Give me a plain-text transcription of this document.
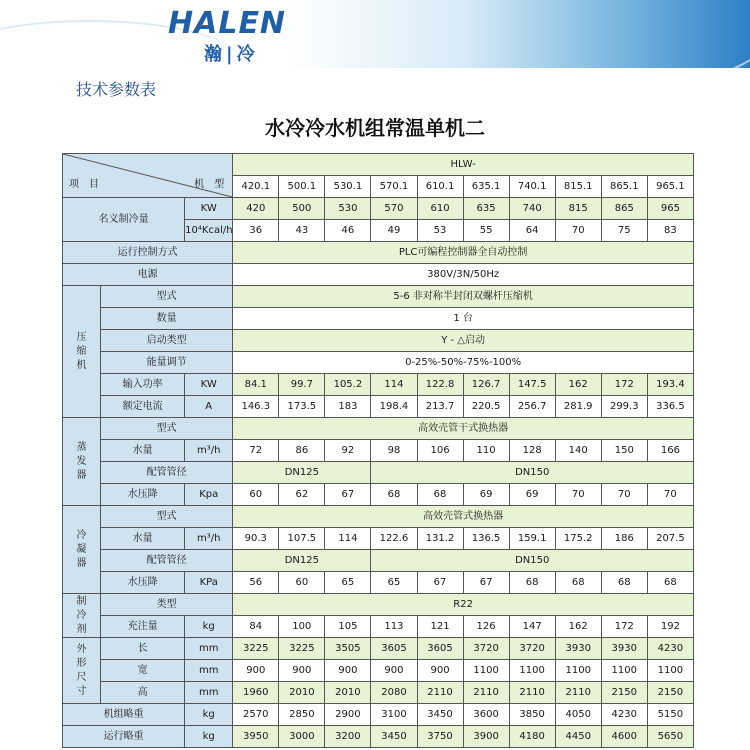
HALEN
瀚|冷
技术参数表
水冷冷水机组常温单机二
项　目 机　型			HLW-									
			420.1	500.1	530.1	570.1	610.1	635.1	740.1	815.1	865.1	965.1
名义制冷量		KW	420	500	530	570	610	635	740	815	865	965
		10⁴Kcal/h	36	43	46	49	53	55	64	70	75	83
运行控制方式			PLC可编程控制器全自动控制									
电源			380V/3N/50Hz									

压
缩
机	型式		5-6 非对称半封闭双螺杆压缩机									
	数量		1 台									
	启动类型		Y - △启动									
	能量调节		0-25%-50%-75%-100%									
	输入功率	KW	84.1	99.7	105.2	114	122.8	126.7	147.5	162	172	193.4
	额定电流	A	146.3	173.5	183	198.4	213.7	220.5	256.7	281.9	299.3	336.5

蒸
发
器	型式		高效壳管干式换热器									
	水量	m³/h	72	86	92	98	106	110	128	140	150	166
	配管管径		DN125			DN150						
	水压降	Kpa	60	62	67	68	68	69	69	70	70	70

冷
凝
器	型式		高效壳管式换热器									
	水量	m³/h	90.3	107.5	114	122.6	131.2	136.5	159.1	175.2	186	207.5
	配管管径		DN125			DN150						
	水压降	KPa	56	60	65	65	67	67	68	68	68	68

制
冷
剂	类型		R22									
	充注量	kg	84	100	105	113	121	126	147	162	172	192

外
形
尺
寸	长	mm	3225	3225	3505	3605	3605	3720	3720	3930	3930	4230
	宽	mm	900	900	900	900	900	1100	1100	1100	1100	1100
	高	mm	1960	2010	2010	2080	2110	2110	2110	2110	2150	2150
机组略重		kg	2570	2850	2900	3100	3450	3600	3850	4050	4230	5150
运行略重		kg	3950	3000	3200	3450	3750	3900	4180	4450	4600	5650
